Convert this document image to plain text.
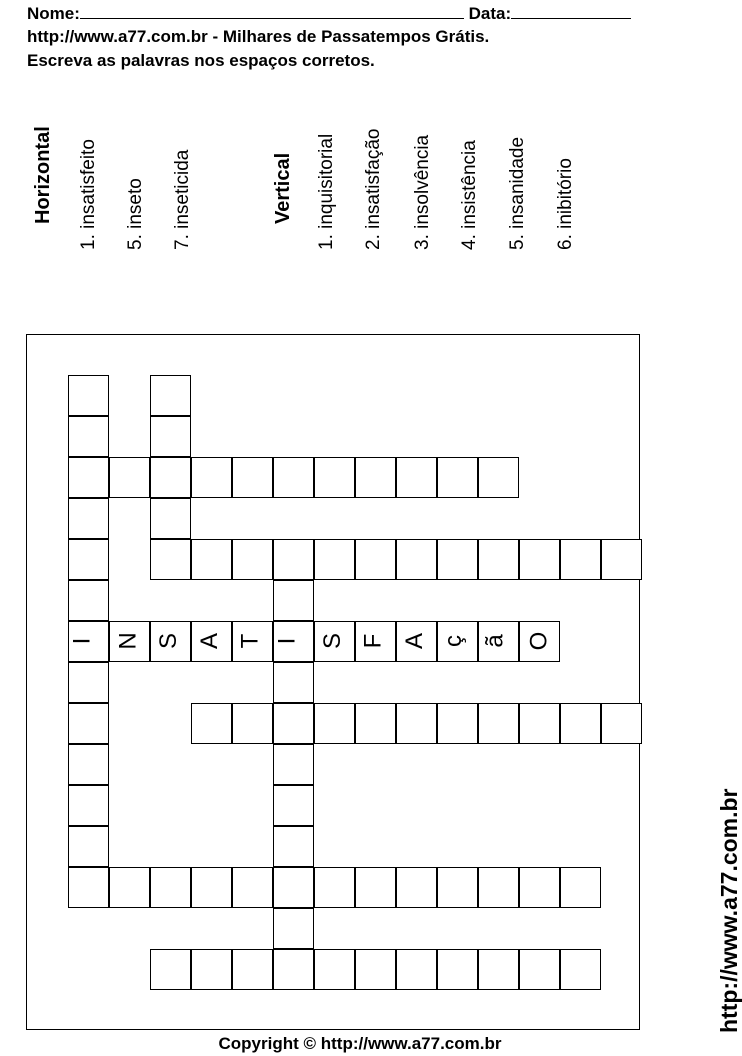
Nome:	Data:
http://www.a77.com.br - Milhares de Passatempos Grátis.
Escreva as palavras nos espaços corretos.
Horizontal 1. insatisfeito 5. inseto 7. inseticida	Vertical 1. inquisitorial 2. insatisfação 3. insolvência 4. insistência 5. insanidade 6. inibitório
I N S A T I S F A ç ã O
http://www.a77.com.br
Copyright © http://www.a77.com.br
